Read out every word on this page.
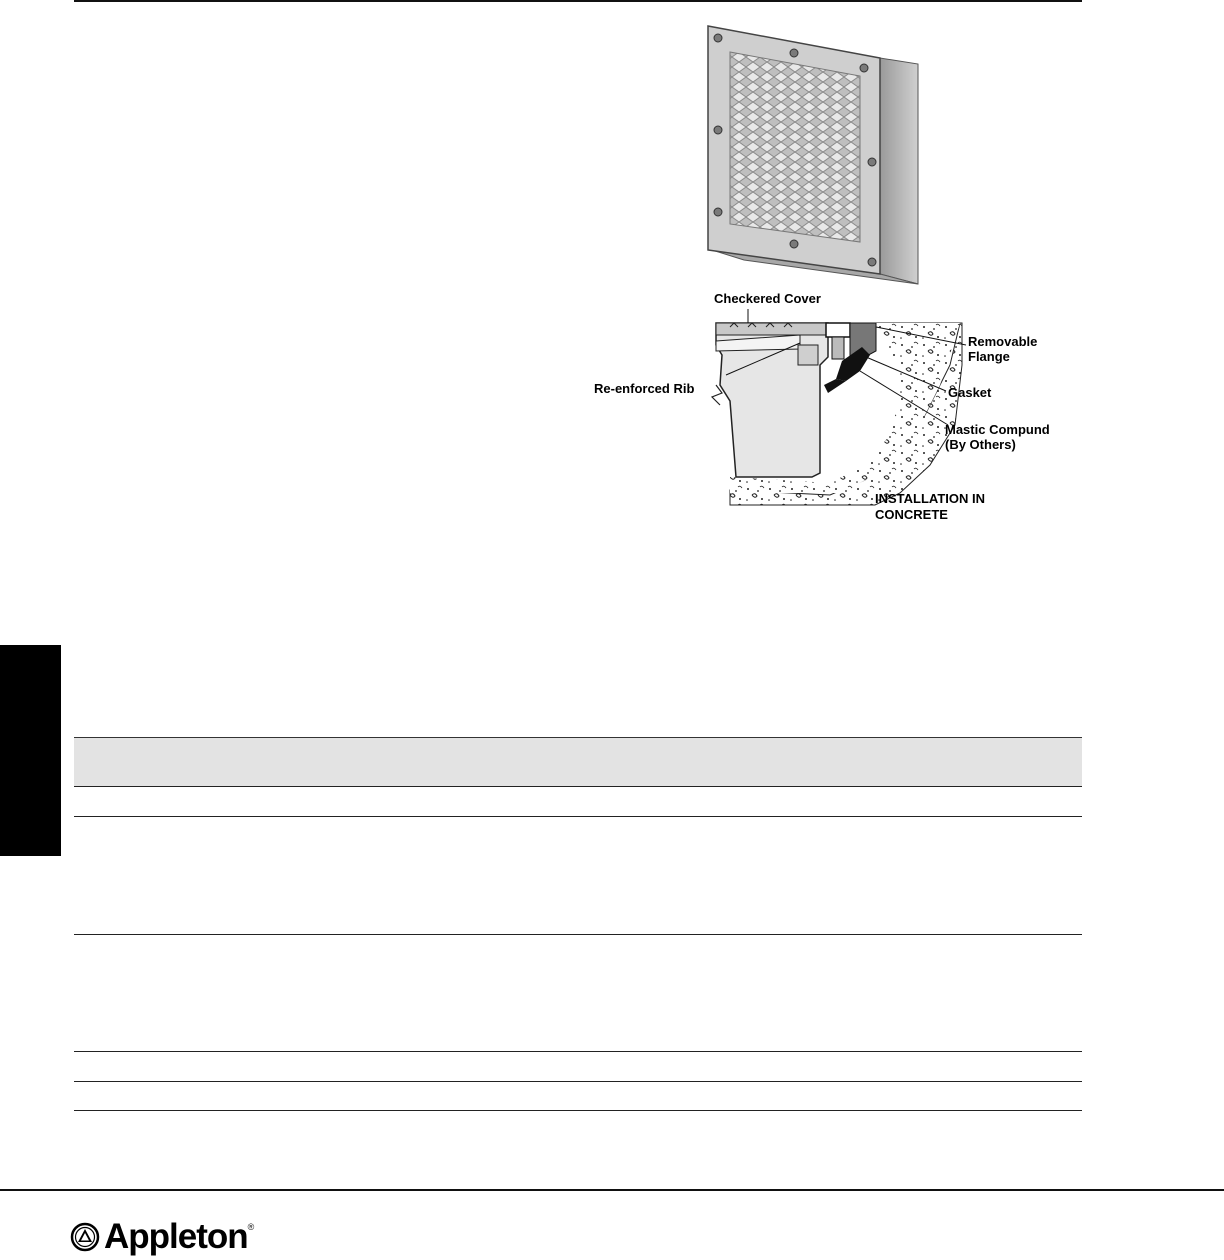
Checkered Cover
Removable
Flange
Re-enforced Rib	Gasket
Mastic Compund
(By Others)
INSTALLATION IN
CONCRETE
Appleton ®
